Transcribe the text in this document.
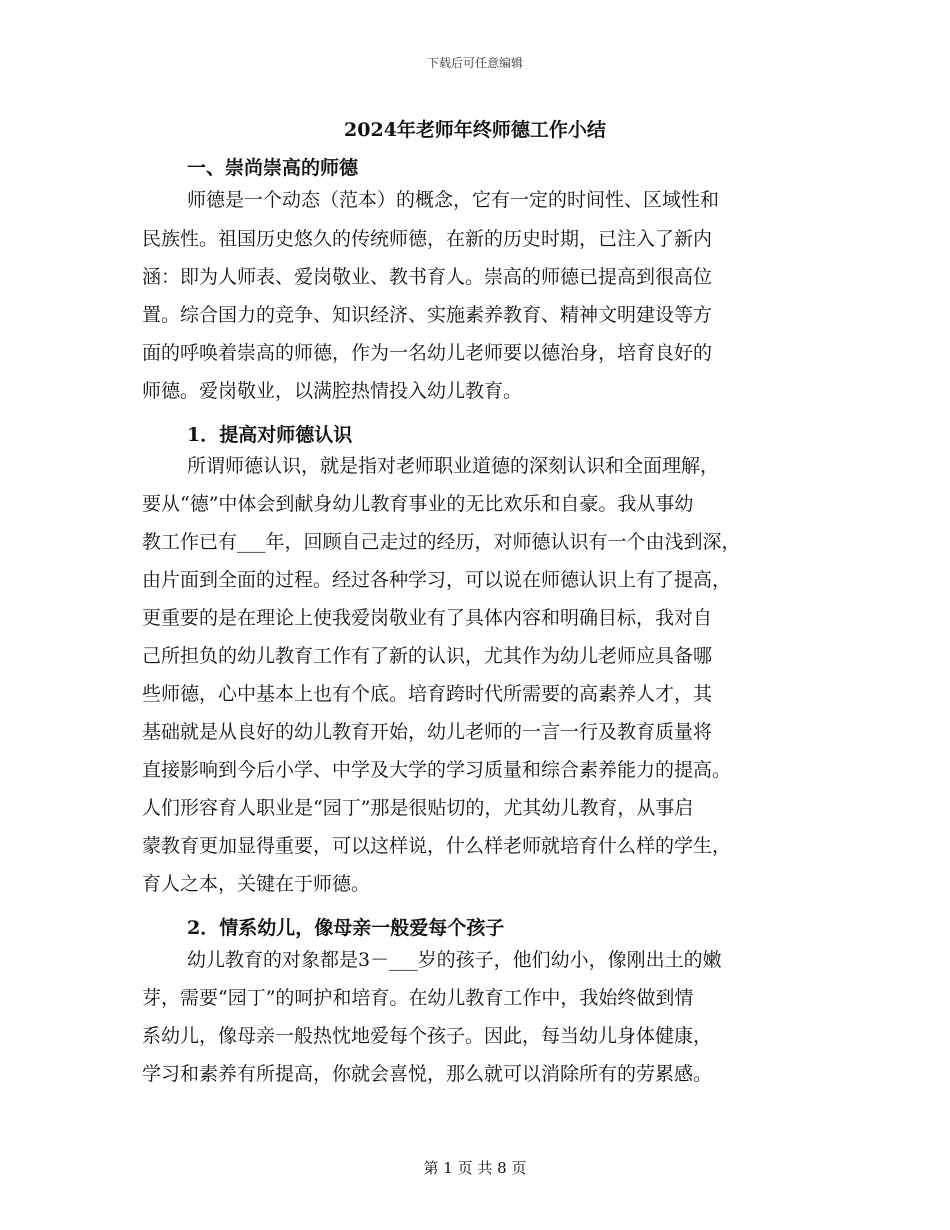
下载后可任意编辑
2024年老师年终师德工作小结
一、崇尚崇高的师德
师德是一个动态（范本）的概念，它有一定的时间性、区域性和
民族性。祖国历史悠久的传统师德，在新的历史时期，已注入了新内
涵：即为人师表、爱岗敬业、教书育人。崇高的师德已提高到很高位
置。综合国力的竞争、知识经济、实施素养教育、精神文明建设等方
面的呼唤着崇高的师德，作为一名幼儿老师要以德治身，培育良好的
师德。爱岗敬业，以满腔热情投入幼儿教育。
1．提高对师德认识
所谓师德认识，就是指对老师职业道德的深刻认识和全面理解，
要从“德”中体会到献身幼儿教育事业的无比欢乐和自豪。我从事幼
教工作已有___年，回顾自己走过的经历，对师德认识有一个由浅到深，
由片面到全面的过程。经过各种学习，可以说在师德认识上有了提高，
更重要的是在理论上使我爱岗敬业有了具体内容和明确目标，我对自
己所担负的幼儿教育工作有了新的认识，尤其作为幼儿老师应具备哪
些师德，心中基本上也有个底。培育跨时代所需要的高素养人才，其
基础就是从良好的幼儿教育开始，幼儿老师的一言一行及教育质量将
直接影响到今后小学、中学及大学的学习质量和综合素养能力的提高。
人们形容育人职业是“园丁”那是很贴切的，尤其幼儿教育，从事启
蒙教育更加显得重要，可以这样说，什么样老师就培育什么样的学生，
育人之本，关键在于师德。
2．情系幼儿，像母亲一般爱每个孩子
幼儿教育的对象都是3－___岁的孩子，他们幼小，像刚出土的嫩
芽，需要“园丁”的呵护和培育。在幼儿教育工作中，我始终做到情
系幼儿，像母亲一般热忱地爱每个孩子。因此，每当幼儿身体健康，
学习和素养有所提高，你就会喜悦，那么就可以消除所有的劳累感。
第 1 页 共 8 页
